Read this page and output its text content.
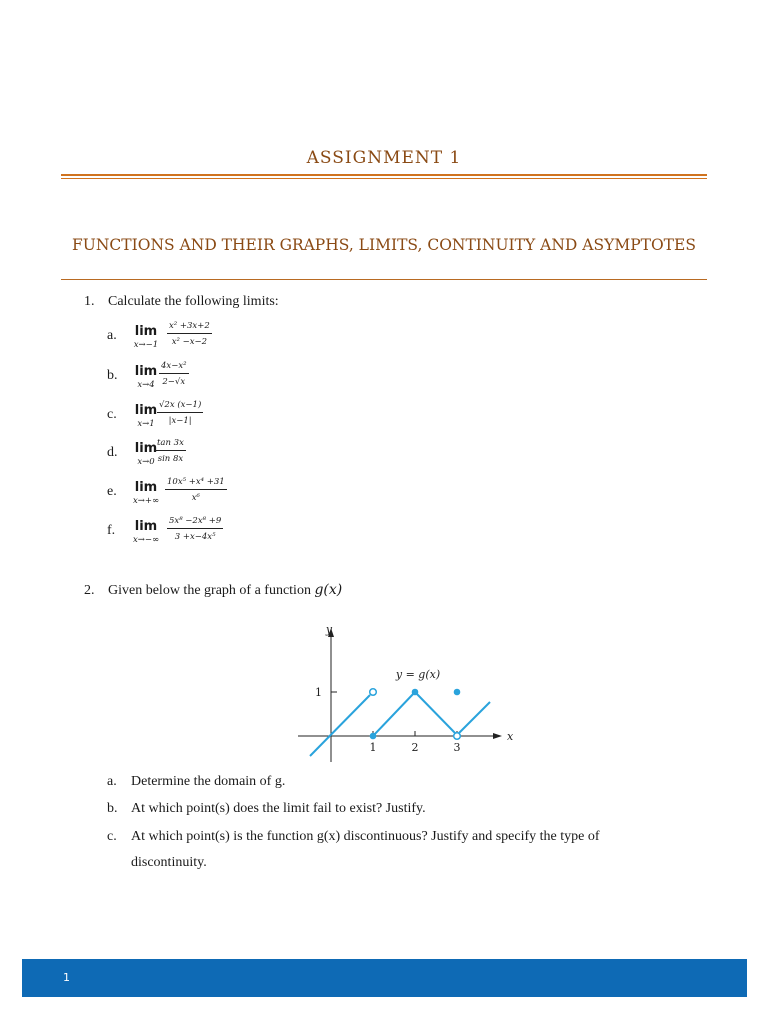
ASSIGNMENT 1
FUNCTIONS AND THEIR GRAPHS, LIMITS, CONTINUITY AND ASYMPTOTES
1. Calculate the following limits:
a.	lim
x→−1	$\frac{\text{x² +3x+2}}{\text{x² −x−2}}$
b.	lim
$x\to 4 \frac{\text{4x−x²}}{2-√x}$
c.	lim
$x\to 1 \frac{√2x (x-1)}{|x-1|}$
d.	lim
$x\to 0 \frac{\tan 3x}{\sin 8x}$
e.	lim
$x\to+\infty \frac{\text{10x⁵ +x⁴ +31}}{\text{x⁶}}$
f.	lim
$x\to-\infty \frac{\text{5x⁸ −2x⁸ +9}}{\text{3 +x−4x⁵}}$
2. Given below the graph of a function g(x)
y
x
1
1	2	3
y = g(x)
a. Determine the domain of g.
b. At which point(s) does the limit fail to exist? Justify.
c. At which point(s) is the function g(x) discontinuous? Justify and specify the type of
discontinuity.
1
